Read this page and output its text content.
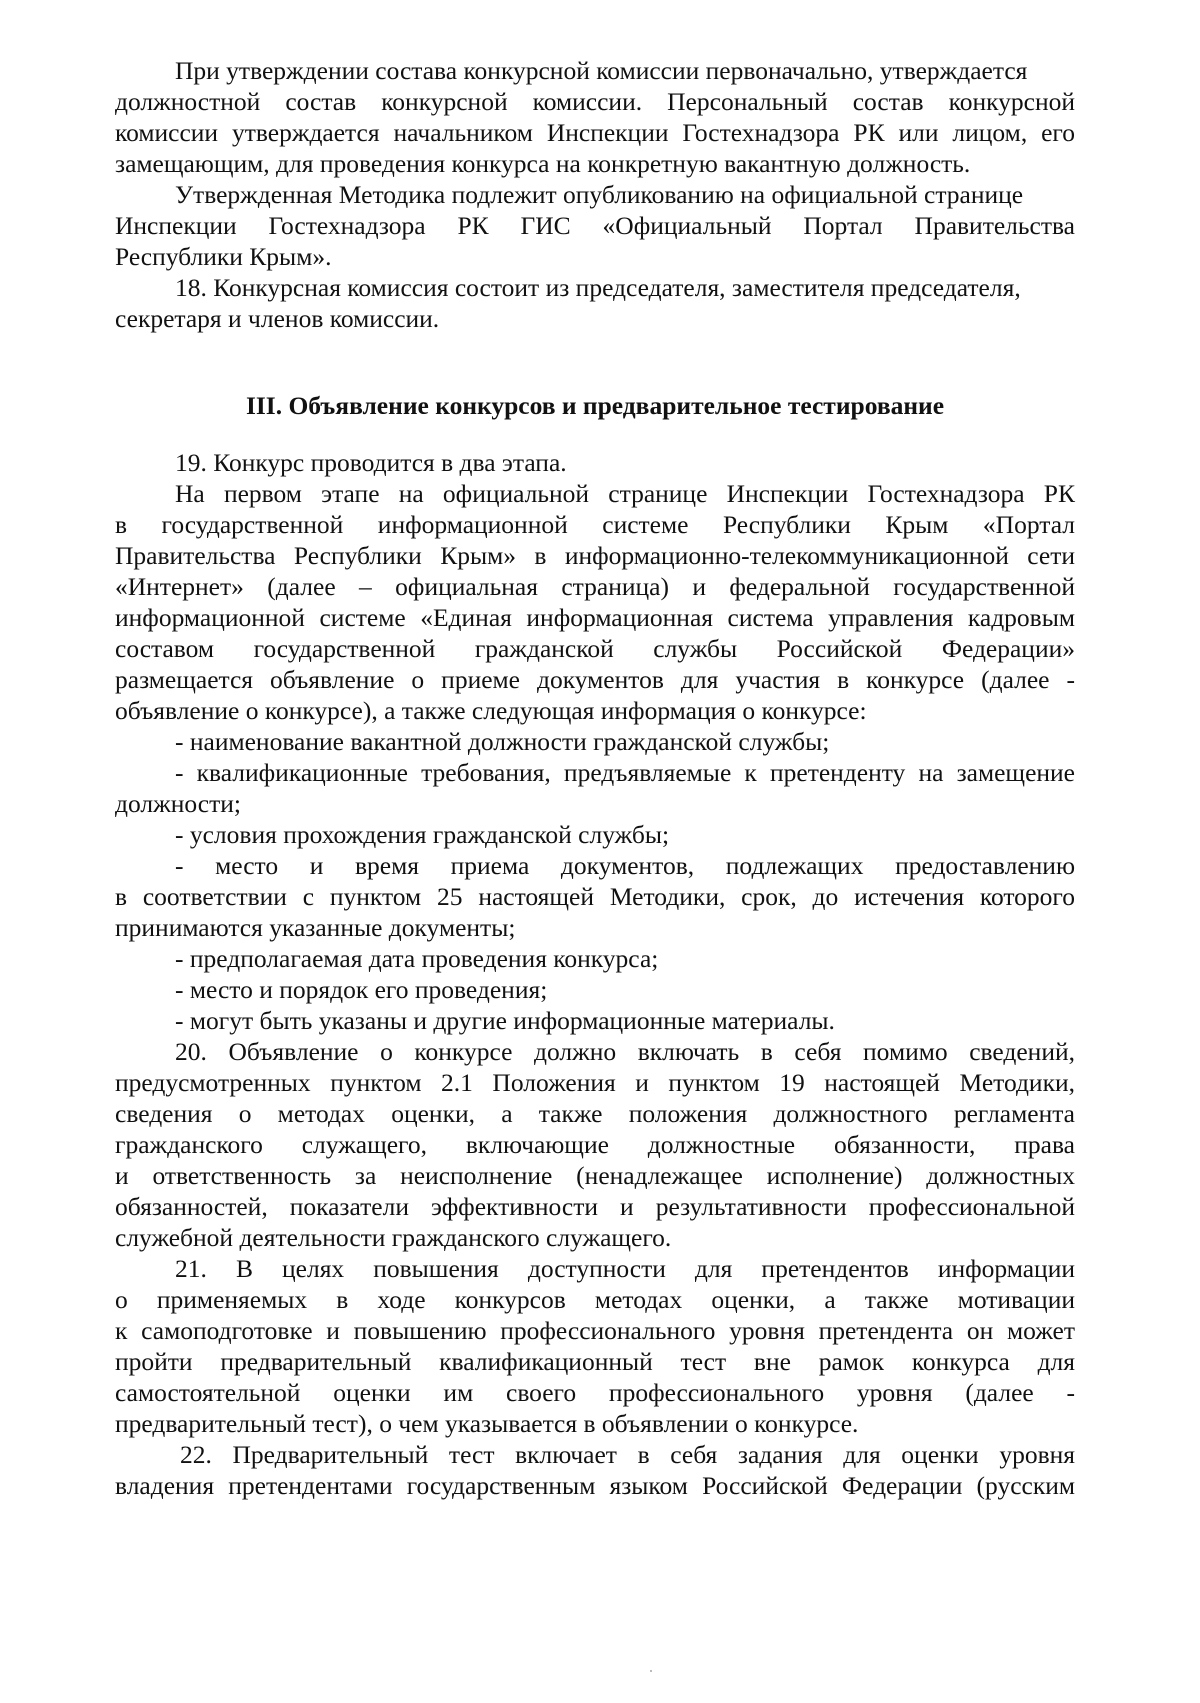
При утверждении состава конкурсной комиссии первоначально, утверждается
должностной состав конкурсной комиссии. Персональный состав конкурсной
комиссии утверждается начальником Инспекции Гостехнадзора РК или лицом, его
замещающим, для проведения конкурса на конкретную вакантную должность.
Утвержденная Методика подлежит опубликованию на официальной странице
Инспекции Гостехнадзора РК ГИС «Официальный Портал Правительства
Республики Крым».
18. Конкурсная комиссия состоит из председателя, заместителя председателя,
секретаря и членов комиссии.
III. Объявление конкурсов и предварительное тестирование
19. Конкурс проводится в два этапа.
На первом этапе на официальной странице Инспекции Гостехнадзора РК
в государственной информационной системе Республики Крым «Портал
Правительства Республики Крым» в информационно-телекоммуникационной сети
«Интернет» (далее – официальная страница) и федеральной государственной
информационной системе «Единая информационная система управления кадровым
составом государственной гражданской службы Российской Федерации»
размещается объявление о приеме документов для участия в конкурсе (далее -
объявление о конкурсе), а также следующая информация о конкурсе:
- наименование вакантной должности гражданской службы;
- квалификационные требования, предъявляемые к претенденту на замещение
должности;
- условия прохождения гражданской службы;
- место и время приема документов, подлежащих предоставлению
в соответствии с пунктом 25 настоящей Методики, срок, до истечения которого
принимаются указанные документы;
- предполагаемая дата проведения конкурса;
- место и порядок его проведения;
- могут быть указаны и другие информационные материалы.
20. Объявление о конкурсе должно включать в себя помимо сведений,
предусмотренных пунктом 2.1 Положения и пунктом 19 настоящей Методики,
сведения о методах оценки, а также положения должностного регламента
гражданского служащего, включающие должностные обязанности, права
и ответственность за неисполнение (ненадлежащее исполнение) должностных
обязанностей, показатели эффективности и результативности профессиональной
служебной деятельности гражданского служащего.
21. В целях повышения доступности для претендентов информации
о применяемых в ходе конкурсов методах оценки, а также мотивации
к самоподготовке и повышению профессионального уровня претендента он может
пройти предварительный квалификационный тест вне рамок конкурса для
самостоятельной оценки им своего профессионального уровня (далее -
предварительный тест), о чем указывается в объявлении о конкурсе.
22. Предварительный тест включает в себя задания для оценки уровня
владения претендентами государственным языком Российской Федерации (русским
